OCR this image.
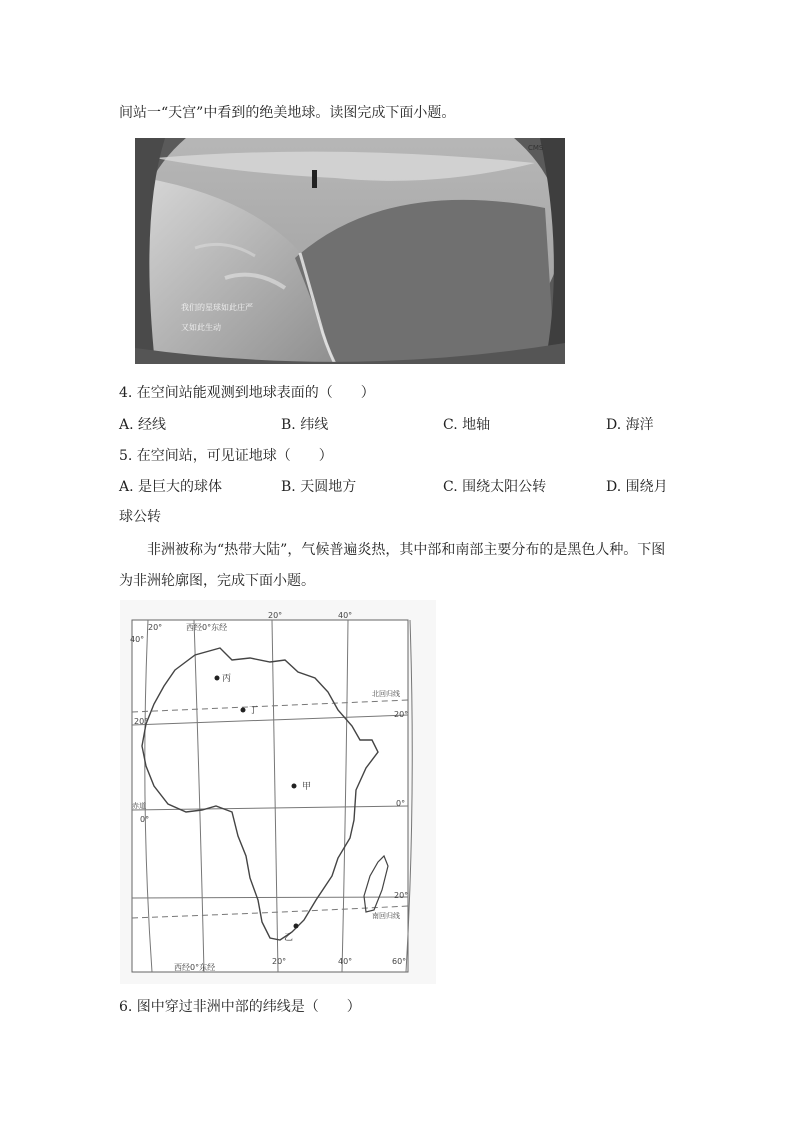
间站一“天宫”中看到的绝美地球。读图完成下面小题。
CMS
我们的星球如此庄严
又如此生动
4. 在空间站能观测到地球表面的（　　）
A. 经线	B. 纬线	C. 地轴	D. 海洋
5. 在空间站，可见证地球（　　）
A. 是巨大的球体	B. 天圆地方	C. 围绕太阳公转	D. 围绕月
球公转
非洲被称为“热带大陆”，气候普遍炎热，其中部和南部主要分布的是黑色人种。下图
为非洲轮廓图，完成下面小题。
丙
丁
甲
乙
20°	西经0°东经
20°	40°
40°
北回归线
20°
20°
赤道
0°
0°
20°
南回归线
西经0°东经
20°	40°	60°
6. 图中穿过非洲中部的纬线是（　　）
